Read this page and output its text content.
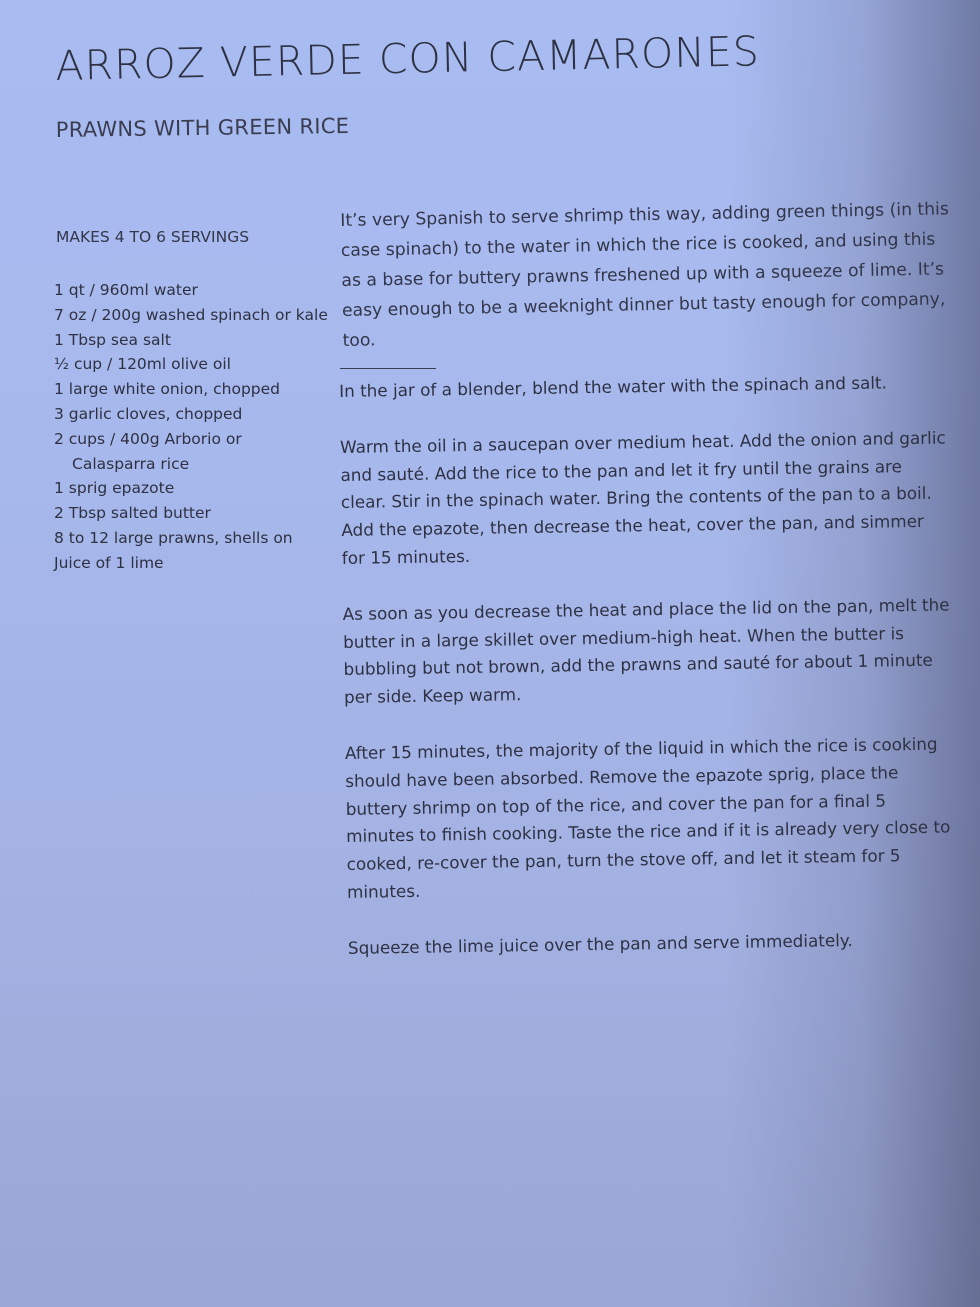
ARROZ VERDE CON CAMARONES
PRAWNS WITH GREEN RICE
MAKES 4 TO 6 SERVINGS
1 qt / 960ml water
7 oz / 200g washed spinach or kale
1 Tbsp sea salt
½ cup / 120ml olive oil
1 large white onion, chopped
3 garlic cloves, chopped
2 cups / 400g Arborio or
Calasparra rice
1 sprig epazote
2 Tbsp salted butter
8 to 12 large prawns, shells on
Juice of 1 lime
It’s very Spanish to serve shrimp this way, adding green things (in this case spinach) to the water in which the rice is cooked, and using this as a base for buttery prawns freshened up with a squeeze of lime. It’s easy enough to be a weeknight dinner but tasty enough for company, too.

In the jar of a blender, blend the water with the spinach and salt.

Warm the oil in a saucepan over medium heat. Add the onion and garlic and sauté. Add the rice to the pan and let it fry until the grains are clear. Stir in the spinach water. Bring the contents of the pan to a boil. Add the epazote, then decrease the heat, cover the pan, and simmer for 15 minutes.

As soon as you decrease the heat and place the lid on the pan, melt the butter in a large skillet over medium-high heat. When the butter is bubbling but not brown, add the prawns and sauté for about 1 minute per side. Keep warm.

After 15 minutes, the majority of the liquid in which the rice is cooking should have been absorbed. Remove the epazote sprig, place the buttery shrimp on top of the rice, and cover the pan for a final 5 minutes to finish cooking. Taste the rice and if it is already very close to cooked, re-cover the pan, turn the stove off, and let it steam for 5 minutes.

Squeeze the lime juice over the pan and serve immediately.
